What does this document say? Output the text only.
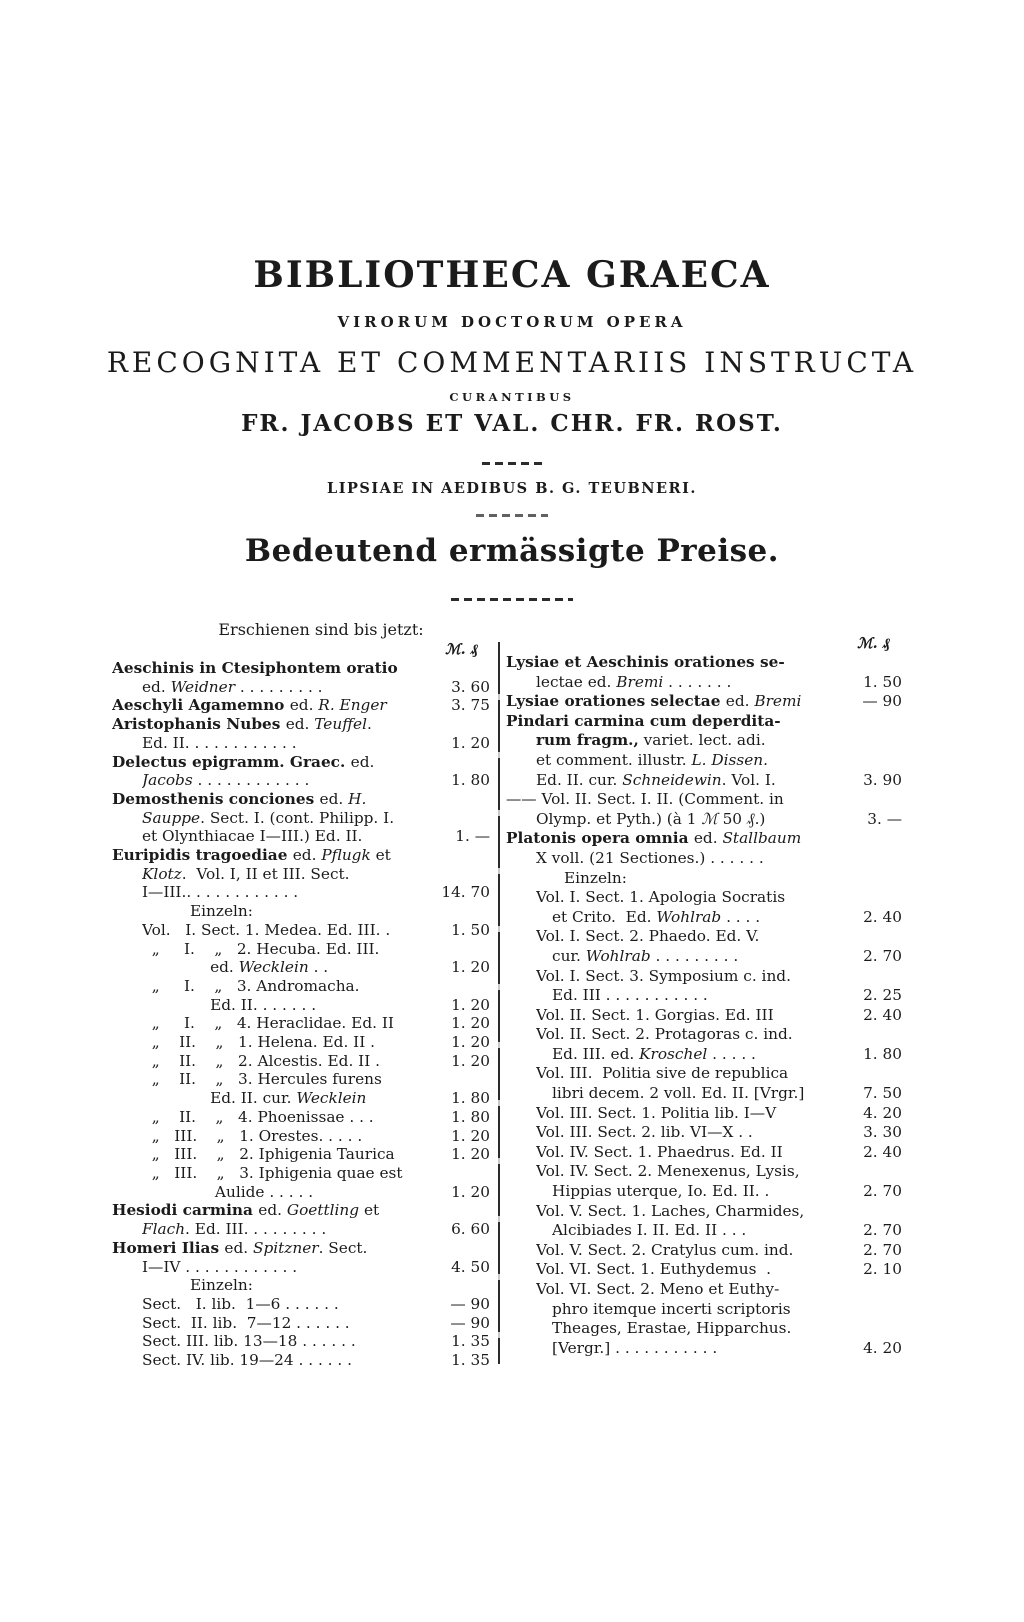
BIBLIOTHECA GRAECA
VIRORUM DOCTORUM OPERA
RECOGNITA ET COMMENTARIIS INSTRUCTA
CURANTIBUS
FR. JACOBS ET VAL. CHR. FR. ROST.
LIPSIAE IN AEDIBUS B. G. TEUBNERI.
Bedeutend ermässigte Preise.
Erschienen sind bis jetzt:
ℳ. ₰
Aeschinis in Ctesiphontem oratio
ed. Weidner . . . . . . . . .	3. 60
Aeschyli Agamemno ed. R. Enger	3. 75
Aristophanis Nubes ed. Teuffel.
Ed. II. . . . . . . . . . . .	1. 20
Delectus epigramm. Graec. ed.
Jacobs . . . . . . . . . . . .	1. 80
Demosthenis conciones ed. H.
Sauppe. Sect. I. (cont. Philipp. I.
et Olynthiacae I—III.) Ed. II.	1. —
Euripidis tragoediae ed. Pflugk et
Klotz.  Vol. I, II et III. Sect.
I—III.. . . . . . . . . . . .	14. 70
Einzeln:
Vol.   I. Sect. 1. Medea. Ed. III. .	1. 50
„     I.    „   2. Hecuba. Ed. III.
ed. Wecklein . .	1. 20
„     I.    „   3. Andromacha.
Ed. II. . . . . . .	1. 20
„     I.    „   4. Heraclidae. Ed. II	1. 20
„    II.    „   1. Helena. Ed. II .	1. 20
„    II.    „   2. Alcestis. Ed. II .	1. 20
„    II.    „   3. Hercules furens
Ed. II. cur. Wecklein	1. 80
„    II.    „   4. Phoenissae . . .	1. 80
„   III.    „   1. Orestes. . . . .	1. 20
„   III.    „   2. Iphigenia Taurica	1. 20
„   III.    „   3. Iphigenia quae est
Aulide . . . . .	1. 20
Hesiodi carmina ed. Goettling et
Flach. Ed. III. . . . . . . . .	6. 60
Homeri Ilias ed. Spitzner. Sect.
I—IV . . . . . . . . . . . .	4. 50
Einzeln:
Sect.   I. lib.  1—6 . . . . . .	— 90
Sect.  II. lib.  7—12 . . . . . .	— 90
Sect. III. lib. 13—18 . . . . . .	1. 35
Sect. IV. lib. 19—24 . . . . . .	1. 35
ℳ. ₰
Lysiae et Aeschinis orationes se-
lectae ed. Bremi . . . . . . .	1. 50
Lysiae orationes selectae ed. Bremi	— 90
Pindari carmina cum deperdita-
rum fragm., variet. lect. adi.
et comment. illustr. L. Dissen.
Ed. II. cur. Schneidewin. Vol. I.	3. 90
—— Vol. II. Sect. I. II. (Comment. in
Olymp. et Pyth.) (à 1 ℳ 50 ₰.)	3. —
Platonis opera omnia ed. Stallbaum
X voll. (21 Sectiones.) . . . . . .
Einzeln:
Vol. I. Sect. 1. Apologia Socratis
et Crito.  Ed. Wohlrab . . . .	2. 40
Vol. I. Sect. 2. Phaedo. Ed. V.
cur. Wohlrab . . . . . . . . .	2. 70
Vol. I. Sect. 3. Symposium c. ind.
Ed. III . . . . . . . . . . .	2. 25
Vol. II. Sect. 1. Gorgias. Ed. III	2. 40
Vol. II. Sect. 2. Protagoras c. ind.
Ed. III. ed. Kroschel . . . . .	1. 80
Vol. III.  Politia sive de republica
libri decem. 2 voll. Ed. II. [Vrgr.]	7. 50
Vol. III. Sect. 1. Politia lib. I—V	4. 20
Vol. III. Sect. 2. lib. VI—X . .	3. 30
Vol. IV. Sect. 1. Phaedrus. Ed. II	2. 40
Vol. IV. Sect. 2. Menexenus, Lysis,
Hippias uterque, Io. Ed. II. .	2. 70
Vol. V. Sect. 1. Laches, Charmides,
Alcibiades I. II. Ed. II . . .	2. 70
Vol. V. Sect. 2. Cratylus cum. ind.	2. 70
Vol. VI. Sect. 1. Euthydemus  .	2. 10
Vol. VI. Sect. 2. Meno et Euthy-
phro itemque incerti scriptoris
Theages, Erastae, Hipparchus.
[Vergr.] . . . . . . . . . . .	4. 20
